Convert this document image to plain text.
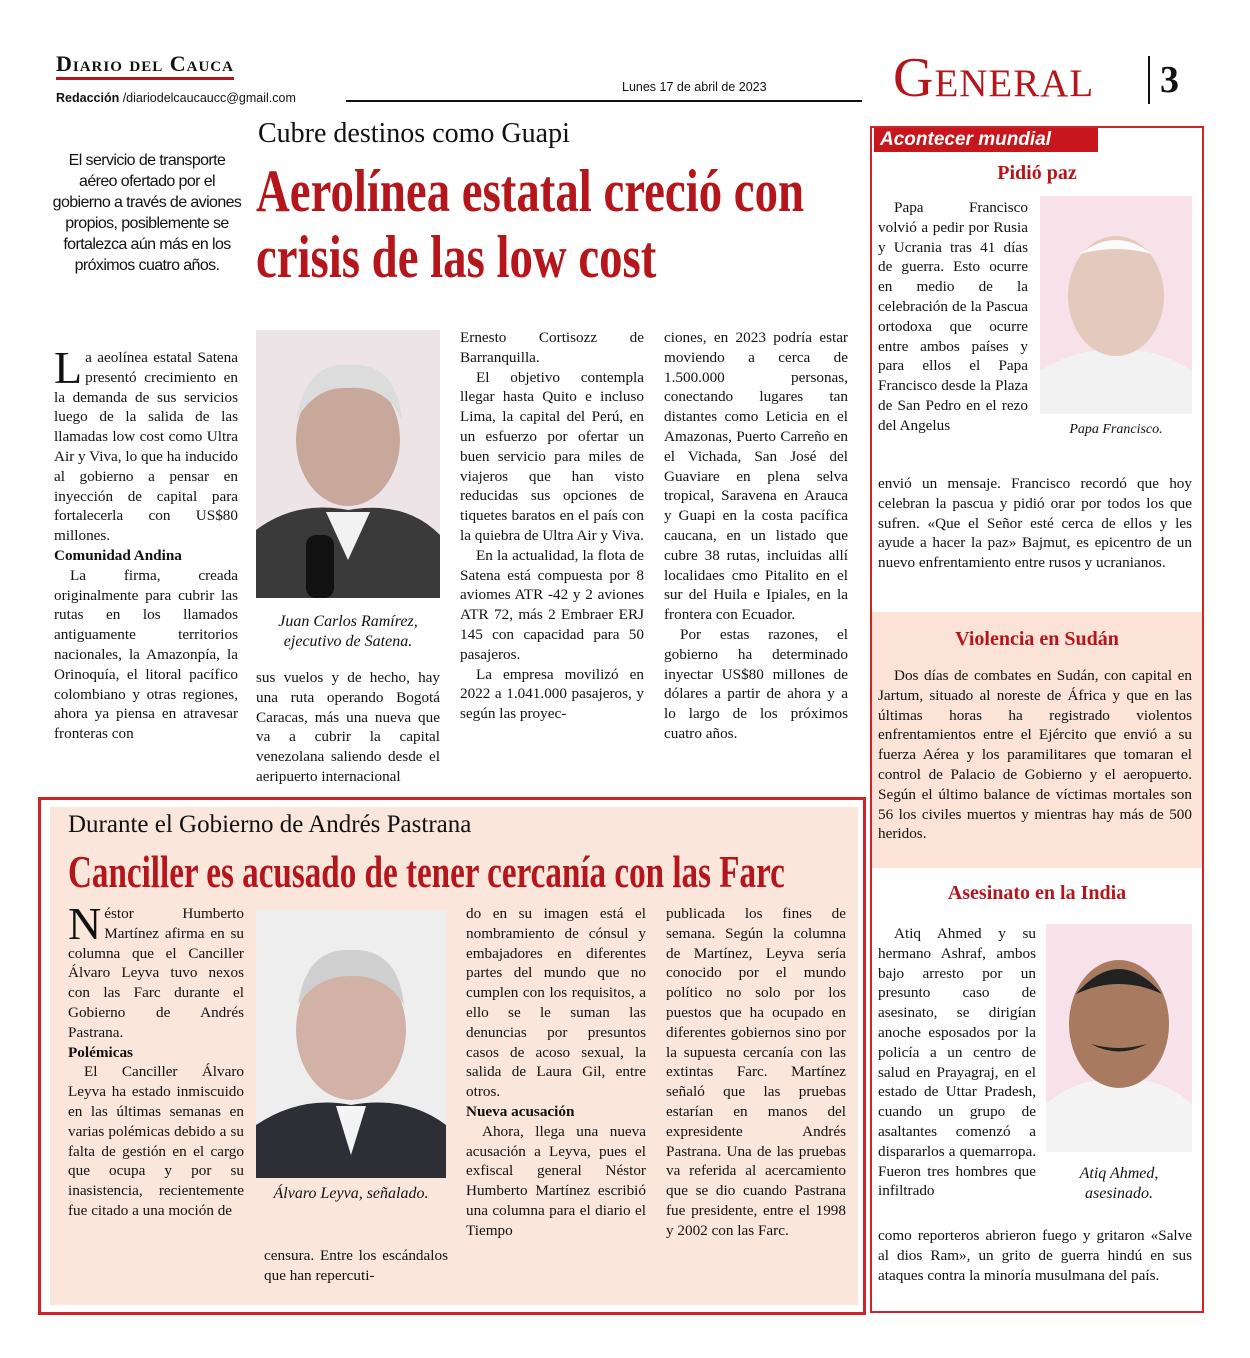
Diario del Cauca
Redacción /diariodelcaucaucc@gmail.com
Lunes 17 de abril de 2023 General 3
Cubre destinos como Guapi
Aerolínea estatal creció con crisis de las low cost
El servicio de transporte aéreo ofertado por el gobierno a través de aviones propios, posiblemente se fortalezca aún más en los próximos cuatro años.

La aeolínea estatal Satena presentó crecimiento en la demanda de sus servicios luego de la salida de las llamadas low cost como Ultra Air y Viva, lo que ha inducido al gobierno a pensar en inyección de capital para fortalecerla con US$80 millones.

Comunidad Andina

La firma, creada originalmente para cubrir las rutas en los llamados antiguamente territorios nacionales, la Amazonpía, la Orinoquía, el litoral pacífico colombiano y otras regiones, ahora ya piensa en atravesar fronteras con

Juan Carlos Ramírez, ejecutivo de Satena.

sus vuelos y de hecho, hay una ruta operando Bogotá Caracas, más una nueva que va a cubrir la capital venezolana saliendo desde el aeripuerto internacional

Ernesto Cortisozz de Barranquilla.

El objetivo contempla llegar hasta Quito e incluso Lima, la capital del Perú, en un esfuerzo por ofertar un buen servicio para miles de viajeros que han visto reducidas sus opciones de tiquetes baratos en el país con la quiebra de Ultra Air y Viva.

En la actualidad, la flota de Satena está compuesta por 8 aviomes ATR -42 y 2 aviones ATR 72, más 2 Embraer ERJ 145 con capacidad para 50 pasajeros.

La empresa movilizó en 2022 a 1.041.000 pasajeros, y según las proyec-

ciones, en 2023 podría estar moviendo a cerca de 1.500.000 personas, conectando lugares tan distantes como Leticia en el Amazonas, Puerto Carreño en el Vichada, San José del Guaviare en plena selva tropical, Saravena en Arauca y Guapi en la costa pacífica caucana, en un listado que cubre 38 rutas, incluidas allí localidaes cmo Pitalito en el sur del Huila e Ipiales, en la frontera con Ecuador.

Por estas razones, el gobierno ha determinado inyectar US$80 millones de dólares a partir de ahora y a lo largo de los próximos cuatro años.

Durante el Gobierno de Andrés Pastrana
Canciller es acusado de tener cercanía con las Farc

Néstor Humberto Martínez afirma en su columna que el Canciller Álvaro Leyva tuvo nexos con las Farc durante el Gobierno de Andrés Pastrana.

Polémicas

El Canciller Álvaro Leyva ha estado inmiscuido en las últimas semanas en varias polémicas debido a su falta de gestión en el cargo que ocupa y por su inasistencia, recientemente fue citado a una moción de

Álvaro Leyva, señalado.

censura. Entre los escándalos que han repercuti-

do en su imagen está el nombramiento de cónsul y embajadores en diferentes partes del mundo que no cumplen con los requisitos, a ello se le suman las denuncias por presuntos casos de acoso sexual, la salida de Laura Gil, entre otros.

Nueva acusación

Ahora, llega una nueva acusación a Leyva, pues el exfiscal general Néstor Humberto Martínez escribió una columna para el diario el Tiempo

publicada los fines de semana. Según la columna de Martínez, Leyva sería conocido por el mundo político no solo por los puestos que ha ocupado en diferentes gobiernos sino por la supuesta cercanía con las extintas Farc. Martínez señaló que las pruebas estarían en manos del expresidente Andrés Pastrana. Una de las pruebas va referida al acercamiento que se dio cuando Pastrana fue presidente, entre el 1998 y 2002 con las Farc.

Acontecer mundial
Pidió paz

Papa Francisco volvió a pedir por Rusia y Ucrania tras 41 días de guerra. Esto ocurre en medio de la celebración de la Pascua ortodoxa que ocurre entre ambos países y para ellos el Papa Francisco desde la Plaza de San Pedro en el rezo del Angelus	Papa Francisco.

envió un mensaje. Francisco recordó que hoy celebran la pascua y pidió orar por todos los que sufren. «Que el Señor esté cerca de ellos y les ayude a hacer la paz» Bajmut, es epicentro de un nuevo enfrentamiento entre rusos y ucranianos.

Violencia en Sudán

Dos días de combates en Sudán, con capital en Jartum, situado al noreste de África y que en las últimas horas ha registrado violentos enfrentamientos entre el Ejército que envió a su fuerza Aérea y los paramilitares que tomaran el control de Palacio de Gobierno y el aeropuerto. Según el último balance de víctimas mortales son 56 los civiles muertos y mientras hay más de 500 heridos.

Asesinato en la India

Atiq Ahmed y su hermano Ashraf, ambos bajo arresto por un presunto caso de asesinato, se dirigían anoche esposados por la policía a un centro de salud en Prayagraj, en el estado de Uttar Pradesh, cuando un grupo de asaltantes comenzó a dispararlos a quemarropa. Fueron tres hombres que infiltrado

Atiq Ahmed, asesinado.

como reporteros abrieron fuego y gritaron «Salve al dios Ram», un grito de guerra hindú en sus ataques contra la minoría musulmana del país.
